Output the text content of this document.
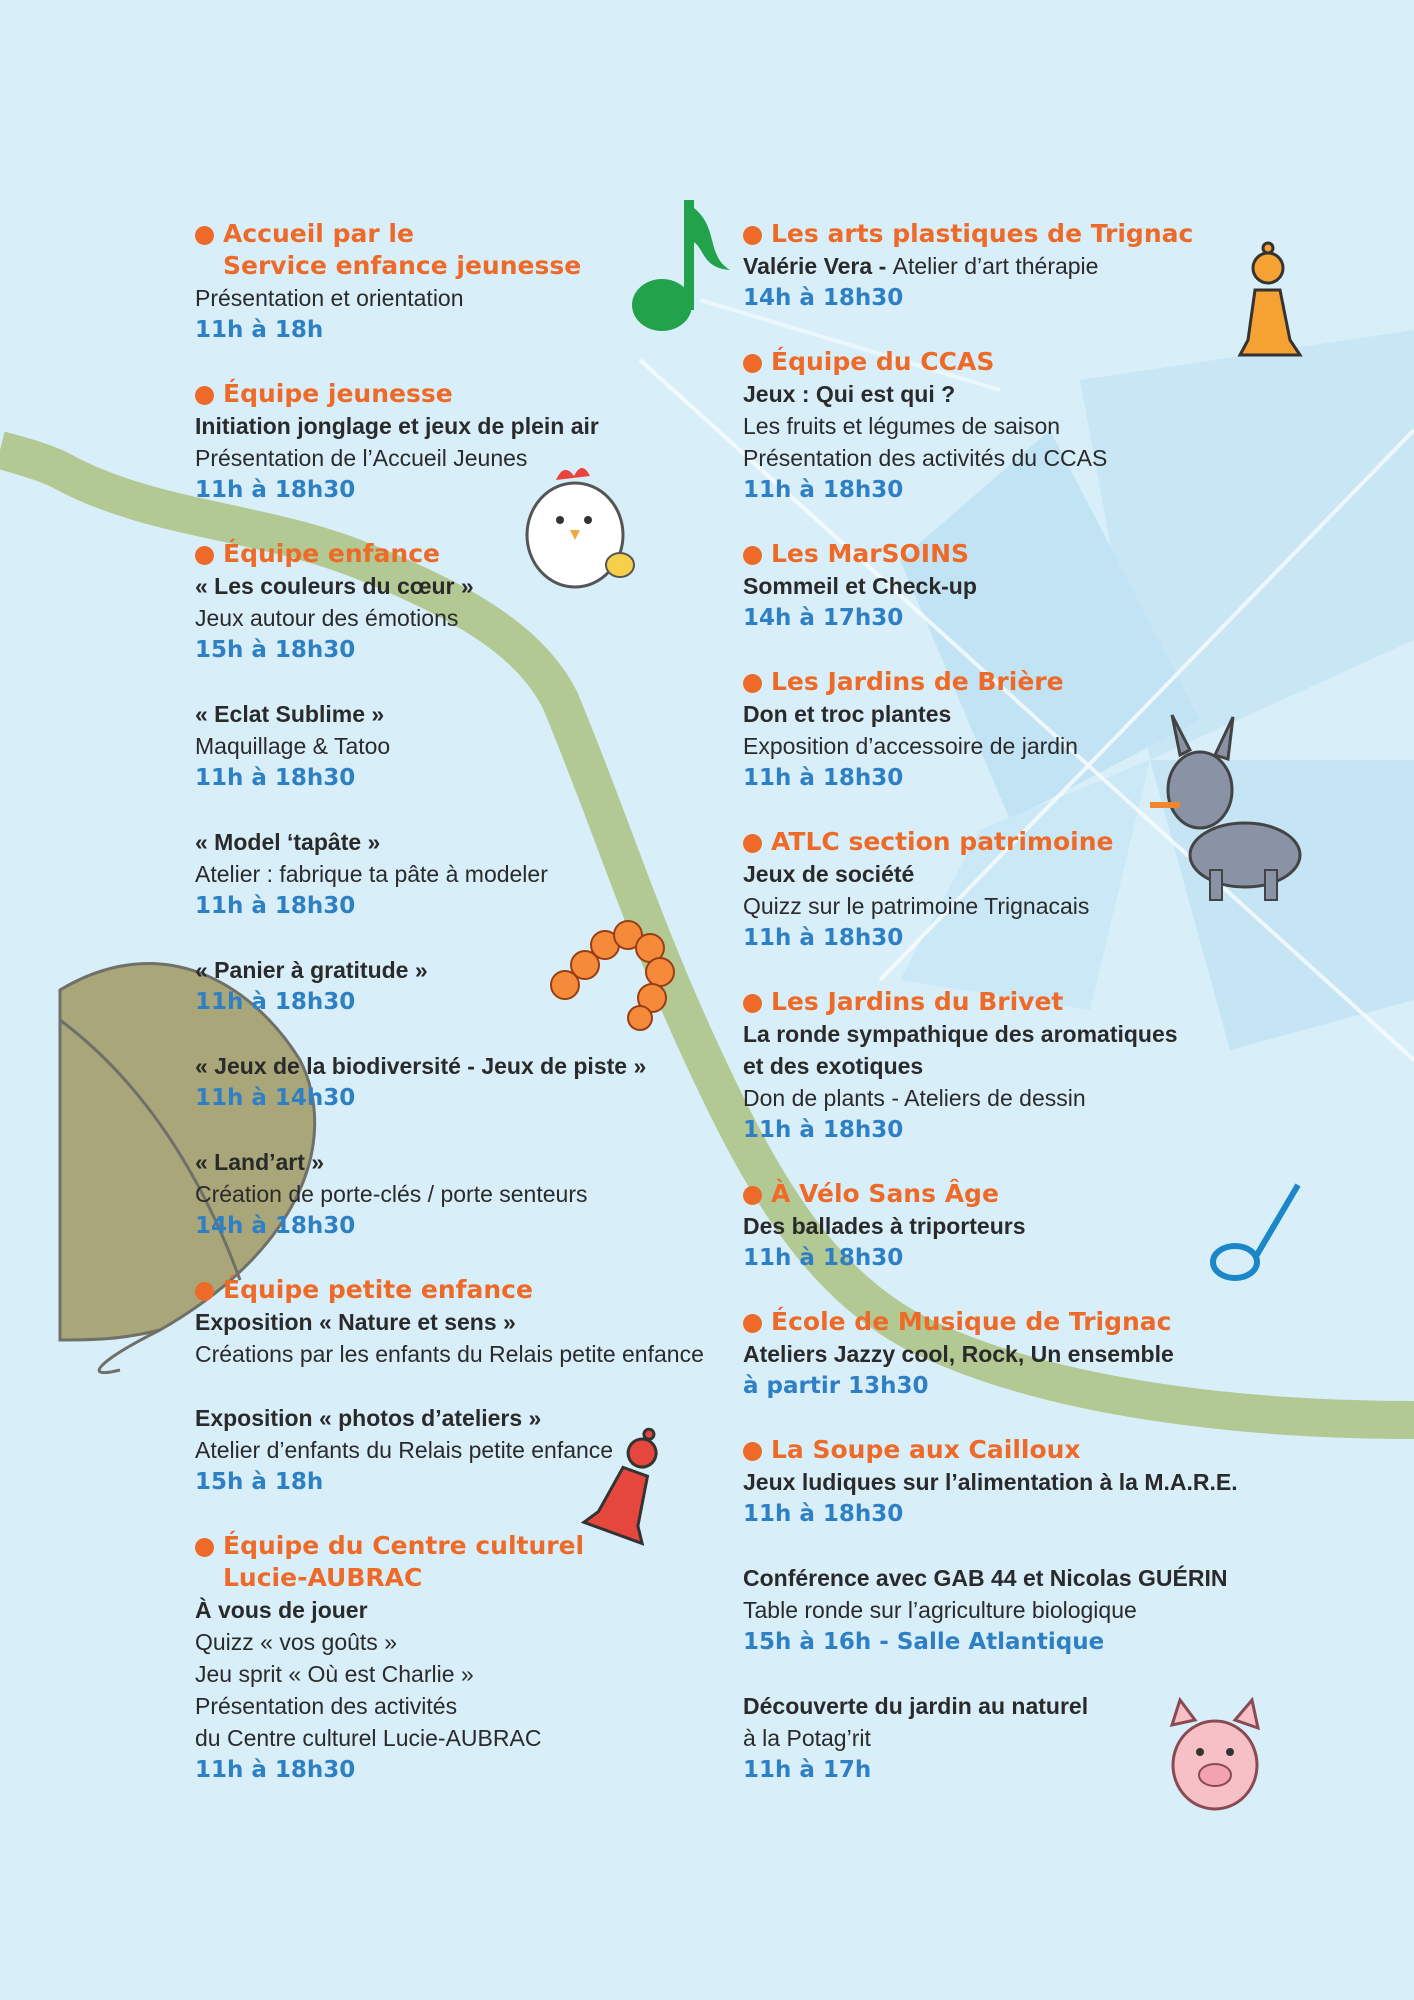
Accueil par le
Service enfance jeunesse
Présentation et orientation
11h à 18h
Équipe jeunesse
Initiation jonglage et jeux de plein air
Présentation de l’Accueil Jeunes
11h à 18h30
Équipe enfance
« Les couleurs du cœur »
Jeux autour des émotions
15h à 18h30
« Eclat Sublime »
Maquillage & Tatoo
11h à 18h30
« Model ‘tapâte »
Atelier : fabrique ta pâte à modeler
11h à 18h30
« Panier à gratitude »
11h à 18h30
« Jeux de la biodiversité - Jeux de piste »
11h à 14h30
« Land’art »
Création de porte-clés / porte senteurs
14h à 18h30
Équipe petite enfance
Exposition « Nature et sens »
Créations par les enfants du Relais petite enfance
Exposition « photos d’ateliers »
Atelier d’enfants du Relais petite enfance
15h à 18h
Équipe du Centre culturel
Lucie-AUBRAC
À vous de jouer
Quizz « vos goûts »
Jeu sprit « Où est Charlie »
Présentation des activités
du Centre culturel Lucie-AUBRAC
11h à 18h30
Les arts plastiques de Trignac
Valérie Vera - Atelier d’art thérapie
14h à 18h30
Équipe du CCAS
Jeux : Qui est qui ?
Les fruits et légumes de saison
Présentation des activités du CCAS
11h à 18h30
Les MarSOINS
Sommeil et Check-up
14h à 17h30
Les Jardins de Brière
Don et troc plantes
Exposition d’accessoire de jardin
11h à 18h30
ATLC section patrimoine
Jeux de société
Quizz sur le patrimoine Trignacais
11h à 18h30
Les Jardins du Brivet
La ronde sympathique des aromatiques
et des exotiques
Don de plants - Ateliers de dessin
11h à 18h30
À Vélo Sans Âge
Des ballades à triporteurs
11h à 18h30
École de Musique de Trignac
Ateliers Jazzy cool, Rock, Un ensemble
à partir 13h30
La Soupe aux Cailloux
Jeux ludiques sur l’alimentation à la M.A.R.E.
11h à 18h30
Conférence avec GAB 44 et Nicolas GUÉRIN
Table ronde sur l’agriculture biologique
15h à 16h - Salle Atlantique
Découverte du jardin au naturel
à la Potag’rit
11h à 17h
